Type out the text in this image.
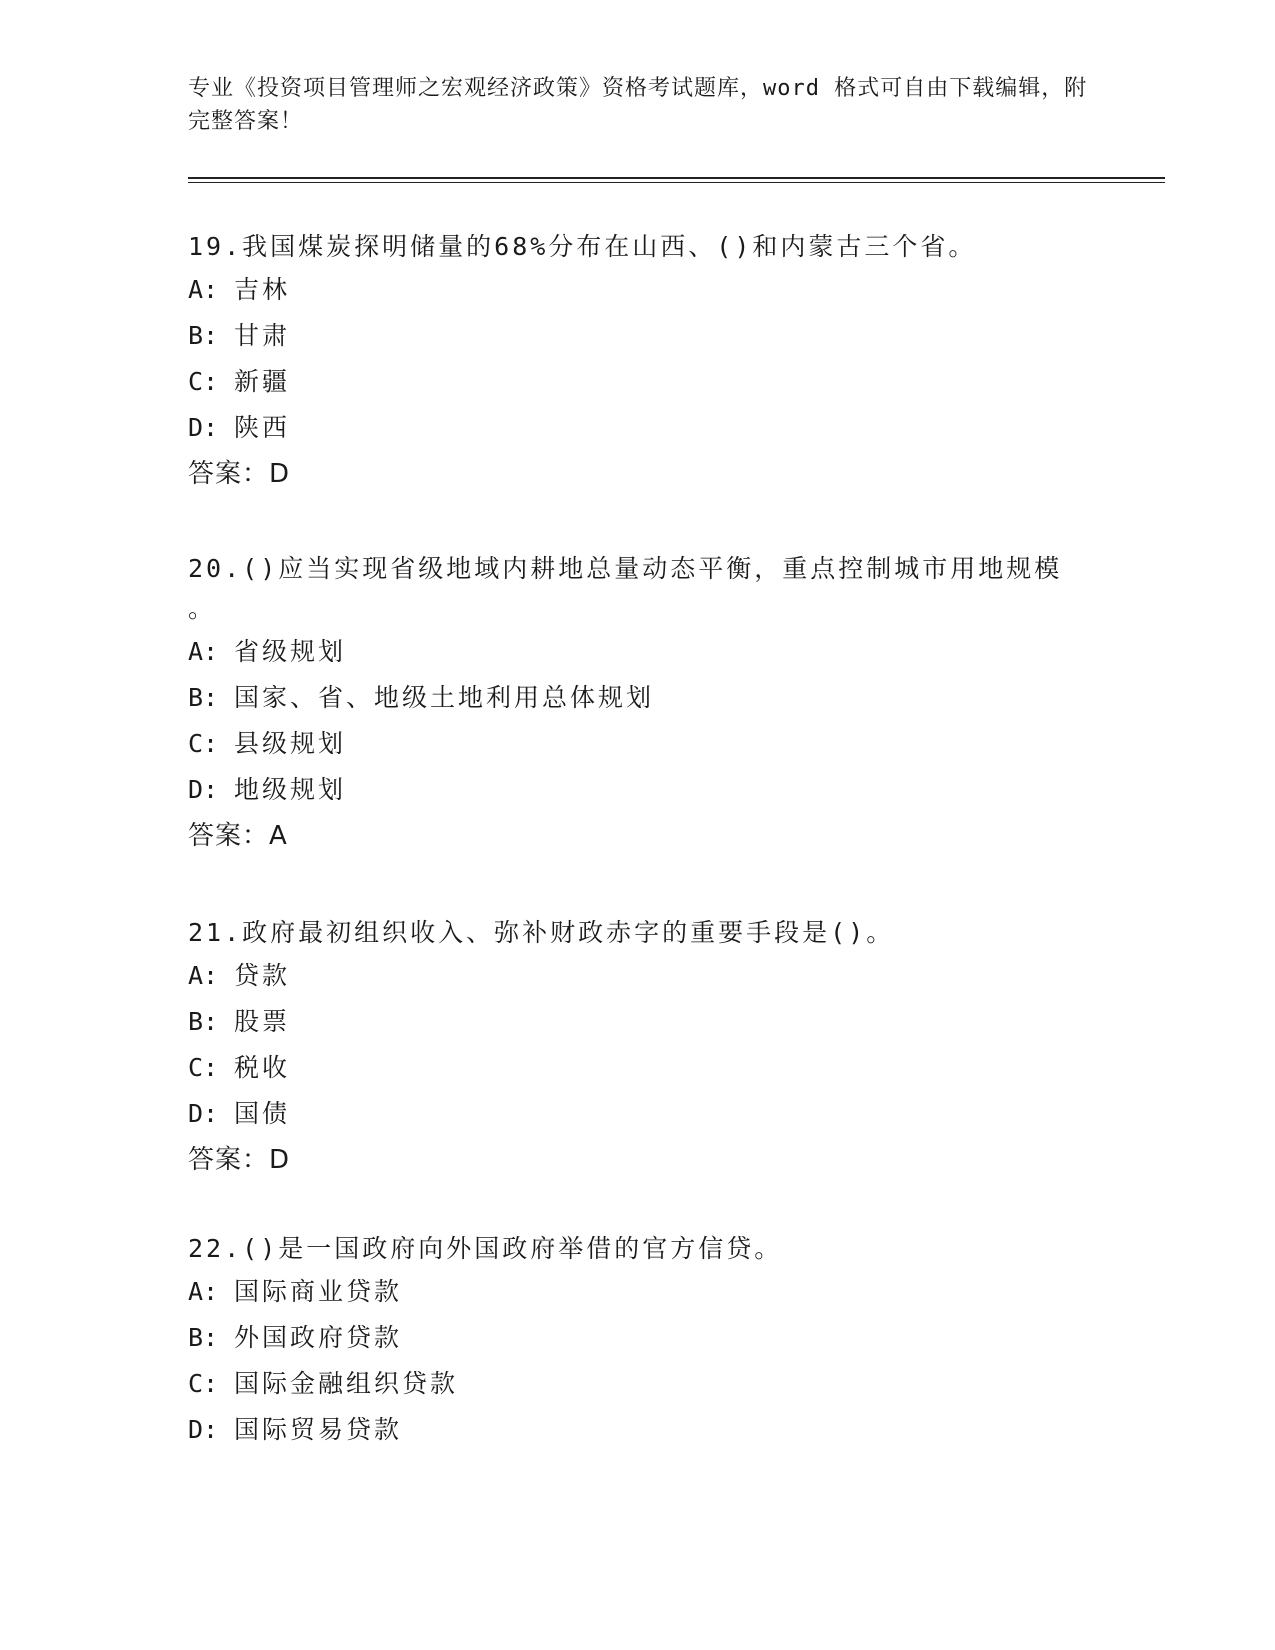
专业《投资项目管理师之宏观经济政策》资格考试题库，word 格式可自由下载编辑，附完整答案！

19.我国煤炭探明储量的68%分布在山西、()和内蒙古三个省。

A: 吉林

B: 甘肃

C: 新疆

D: 陕西

答案：D

20.()应当实现省级地域内耕地总量动态平衡，重点控制城市用地规模

。

A: 省级规划

B: 国家、省、地级土地利用总体规划

C: 县级规划

D: 地级规划

答案：A

21.政府最初组织收入、弥补财政赤字的重要手段是()。

A: 贷款

B: 股票

C: 税收

D: 国债

答案：D

22.()是一国政府向外国政府举借的官方信贷。

A: 国际商业贷款

B: 外国政府贷款

C: 国际金融组织贷款

D: 国际贸易贷款
